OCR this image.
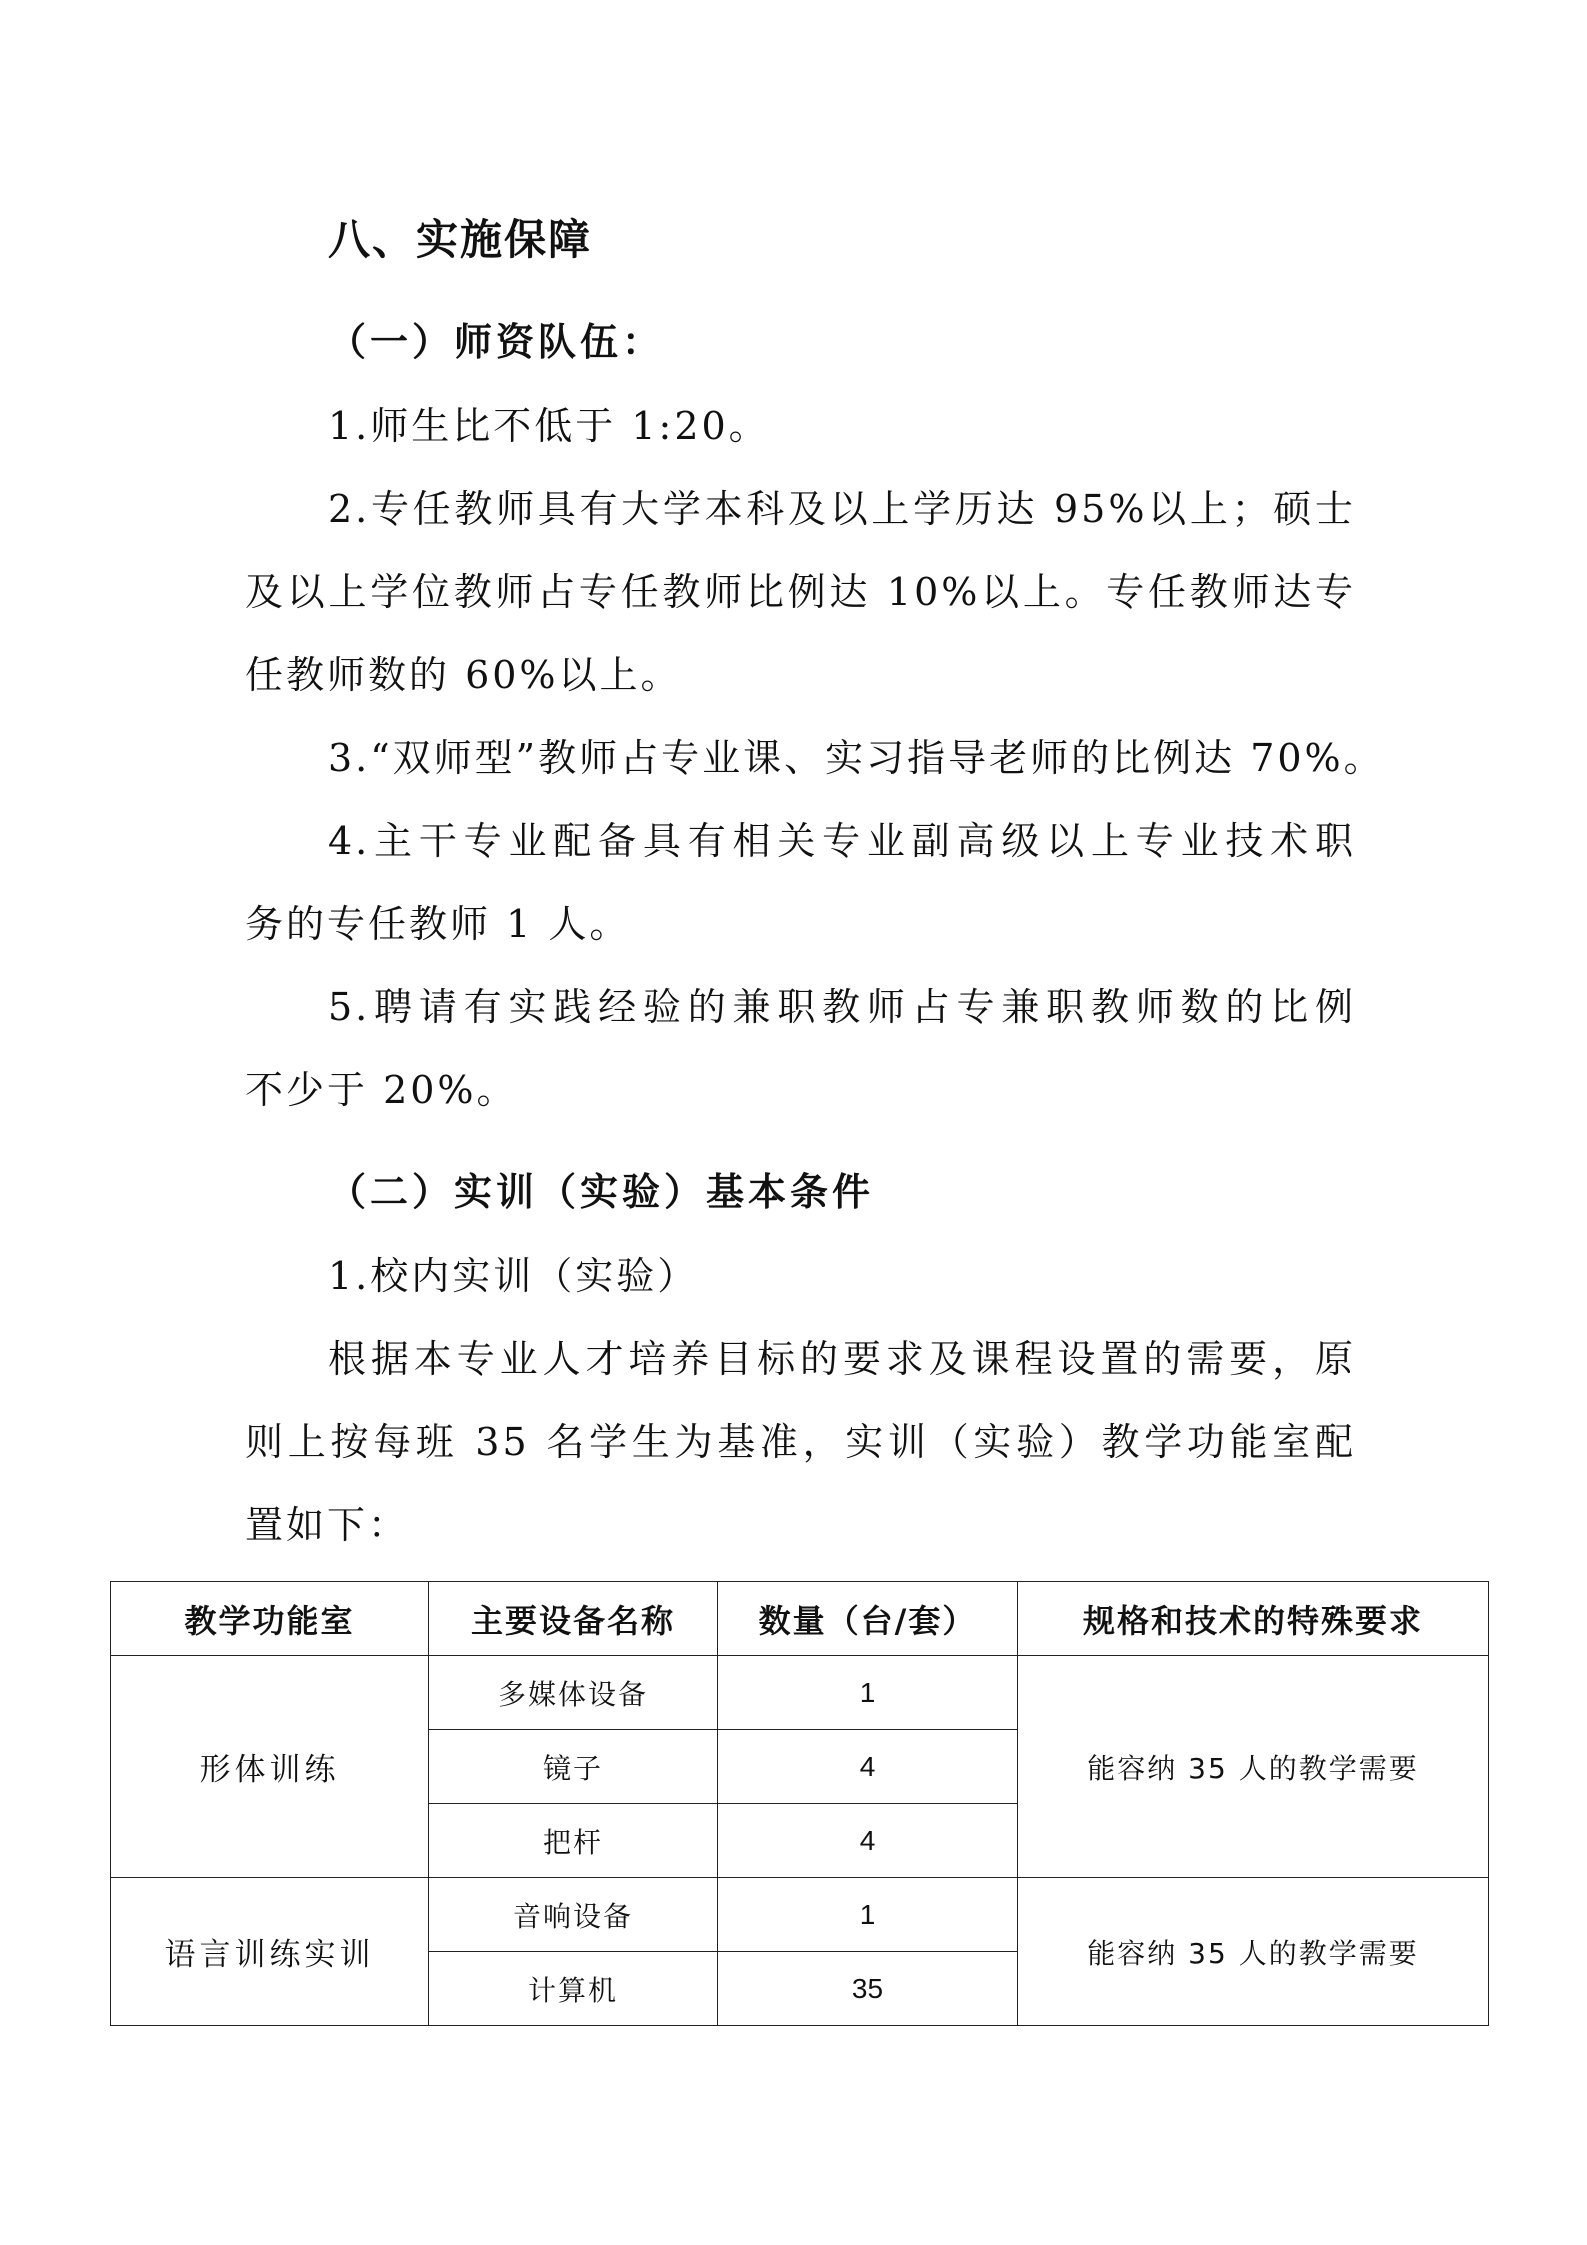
八、实施保障
（一）师资队伍：
1.师生比不低于 1:20。
2.专任教师具有大学本科及以上学历达 95%以上；硕士
及以上学位教师占专任教师比例达 10%以上。专任教师达专
任教师数的 60%以上。
3.“双师型”教师占专业课、实习指导老师的比例达 70%。
4.主干专业配备具有相关专业副高级以上专业技术职
务的专任教师 1 人。
5.聘请有实践经验的兼职教师占专兼职教师数的比例
不少于 20%。
（二）实训（实验）基本条件
1.校内实训（实验）
根据本专业人才培养目标的要求及课程设置的需要，原
则上按每班 35 名学生为基准，实训（实验）教学功能室配
置如下：
教学功能室	主要设备名称	数量（台/套）	规格和技术的特殊要求
形体训练	多媒体设备	1	能容纳 35 人的教学需要
	镜子	4	
	把杆	4	
语言训练实训	音响设备	1	能容纳 35 人的教学需要
	计算机	35	
